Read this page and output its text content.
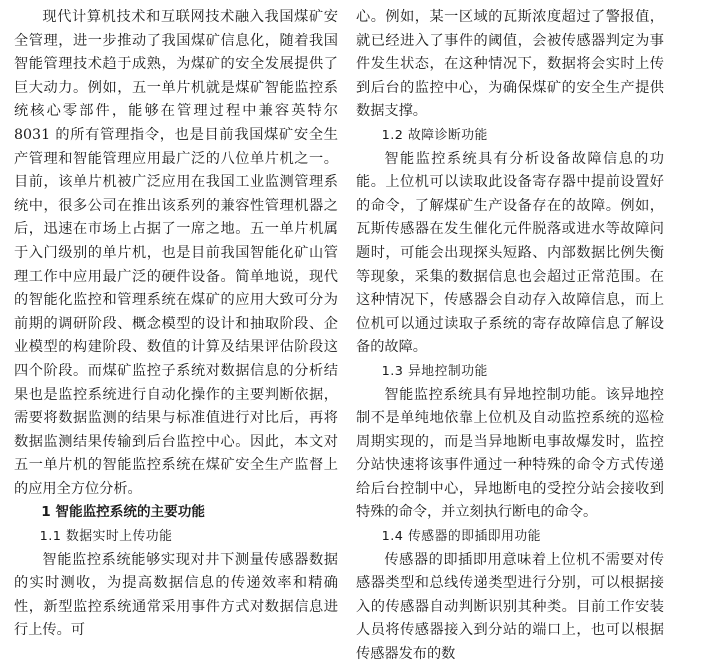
现代计算机技术和互联网技术融入我国煤矿安全管理，进一步推动了我国煤矿信息化，随着我国智能管理技术趋于成熟，为煤矿的安全发展提供了巨大动力。例如，五一单片机就是煤矿智能监控系统核心零部件，能够在管理过程中兼容英特尔 8031 的所有管理指令，也是目前我国煤矿安全生产管理和智能管理应用最广泛的八位单片机之一。目前，该单片机被广泛应用在我国工业监测管理系统中，很多公司在推出该系列的兼容性管理机器之后，迅速在市场上占据了一席之地。五一单片机属于入门级别的单片机，也是目前我国智能化矿山管理工作中应用最广泛的硬件设备。简单地说，现代的智能化监控和管理系统在煤矿的应用大致可分为前期的调研阶段、概念模型的设计和抽取阶段、企业模型的构建阶段、数值的计算及结果评估阶段这四个阶段。而煤矿监控子系统对数据信息的分析结果也是监控系统进行自动化操作的主要判断依据，需要将数据监测的结果与标准值进行对比后，再将数据监测结果传输到后台监控中心。因此，本文对五一单片机的智能监控系统在煤矿安全生产监督上的应用全方位分析。

1 智能监控系统的主要功能

1.1 数据实时上传功能

智能监控系统能够实现对井下测量传感器数据的实时测收，为提高数据信息的传递效率和精确性，新型监控系统通常采用事件方式对数据信息进行上传。可

心。例如，某一区域的瓦斯浓度超过了警报值，就已经进入了事件的阈值，会被传感器判定为事件发生状态，在这种情况下，数据将会实时上传到后台的监控中心，为确保煤矿的安全生产提供数据支撑。

1.2 故障诊断功能

智能监控系统具有分析设备故障信息的功能。上位机可以读取此设备寄存器中提前设置好的命令，了解煤矿生产设备存在的故障。例如，瓦斯传感器在发生催化元件脱落或进水等故障问题时，可能会出现探头短路、内部数据比例失衡等现象，采集的数据信息也会超过正常范围。在这种情况下，传感器会自动存入故障信息，而上位机可以通过读取子系统的寄存故障信息了解设备的故障。

1.3 异地控制功能

智能监控系统具有异地控制功能。该异地控制不是单纯地依靠上位机及自动监控系统的巡检周期实现的，而是当异地断电事故爆发时，监控分站快速将该事件通过一种特殊的命令方式传递给后台控制中心，异地断电的受控分站会接收到特殊的命令，并立刻执行断电的命令。

1.4 传感器的即插即用功能

传感器的即插即用意味着上位机不需要对传感器类型和总线传递类型进行分别，可以根据接入的传感器自动判断识别其种类。目前工作安装人员将传感器接入到分站的端口上，也可以根据传感器发布的数
